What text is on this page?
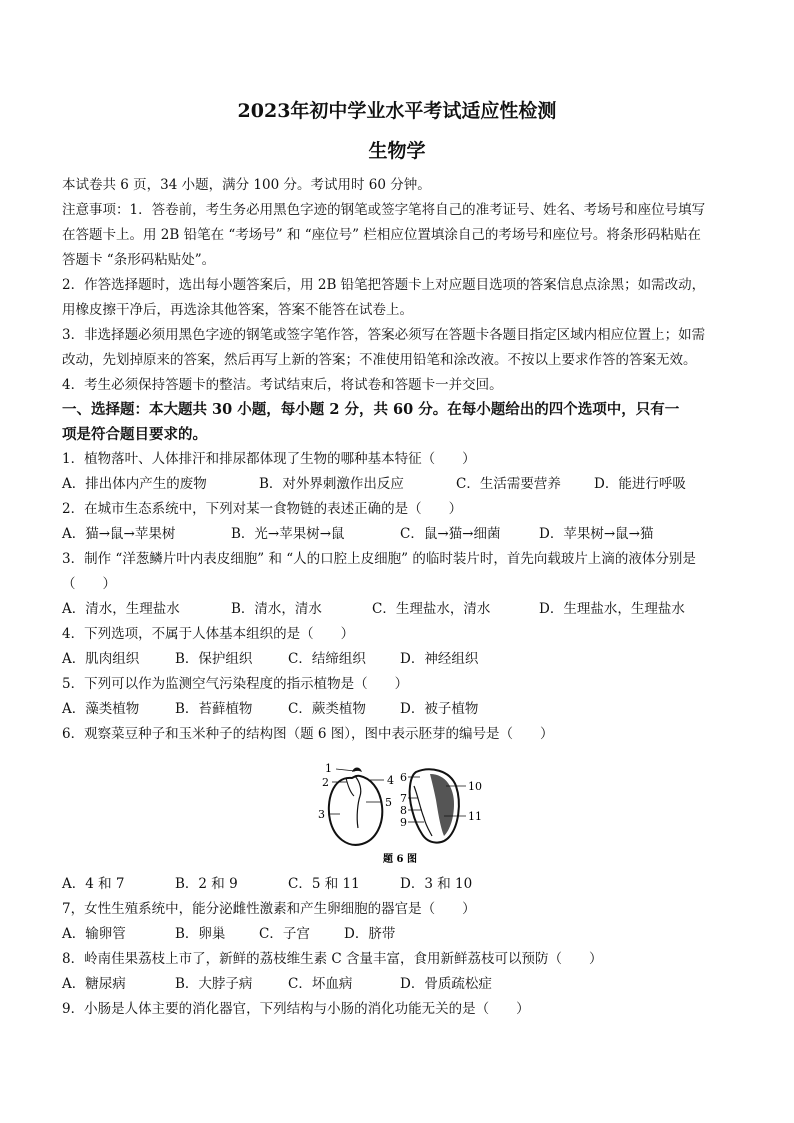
2023年初中学业水平考试适应性检测
生物学
本试卷共 6 页，34 小题，满分 100 分。考试用时 60 分钟。
注意事项：1．答卷前，考生务必用黑色字迹的钢笔或签字笔将自己的准考证号、姓名、考场号和座位号填写
在答题卡上。用 2B 铅笔在 “考场号” 和 “座位号” 栏相应位置填涂自己的考场号和座位号。将条形码粘贴在
答题卡 “条形码粘贴处”。
2．作答选择题时，选出每小题答案后，用 2B 铅笔把答题卡上对应题目选项的答案信息点涂黑；如需改动，
用橡皮擦干净后，再选涂其他答案，答案不能答在试卷上。
3．非选择题必须用黑色字迹的钢笔或签字笔作答，答案必须写在答题卡各题目指定区域内相应位置上；如需
改动，先划掉原来的答案，然后再写上新的答案；不准使用铅笔和涂改液。不按以上要求作答的答案无效。
4．考生必须保持答题卡的整洁。考试结束后，将试卷和答题卡一并交回。
一、选择题：本大题共 30 小题，每小题 2 分，共 60 分。在每小题给出的四个选项中，只有一
项是符合题目要求的。
1．植物落叶、人体排汗和排尿都体现了生物的哪种基本特征（　　）
A．排出体内产生的废物	B．对外界刺激作出反应	C．生活需要营养 D．能进行呼吸
2．在城市生态系统中，下列对某一食物链的表述正确的是（　　）
A．猫→鼠→苹果树	B．光→苹果树→鼠	C．鼠→猫→细菌	D．苹果树→鼠→猫
3．制作 “洋葱鳞片叶内表皮细胞” 和 “人的口腔上皮细胞” 的临时装片时，首先向载玻片上滴的液体分别是
（　　）
A．清水，生理盐水	B．清水，清水	C．生理盐水，清水	D．生理盐水，生理盐水
4．下列选项，不属于人体基本组织的是（　　）
A．肌肉组织	B．保护组织	C．结缔组织	D．神经组织
5．下列可以作为监测空气污染程度的指示植物是（　　）
A．藻类植物	B．苔藓植物	C．蕨类植物	D．被子植物
6．观察菜豆种子和玉米种子的结构图（题 6 图），图中表示胚芽的编号是（　　）
1
2
3
4
5
6
7
8
9
10
11
题 6 图
A．4 和 7	B．2 和 9	C．5 和 11	D．3 和 10
7，女性生殖系统中，能分泌雌性激素和产生卵细胞的器官是（　　）
A．输卵管	B．卵巢 C．子宫	D．脐带
8．岭南佳果荔枝上市了，新鲜的荔枝维生素 C 含量丰富，食用新鲜荔枝可以预防（　　）
A．糖尿病	B．大脖子病	C．坏血病	D．骨质疏松症
9．小肠是人体主要的消化器官，下列结构与小肠的消化功能无关的是（　　）
